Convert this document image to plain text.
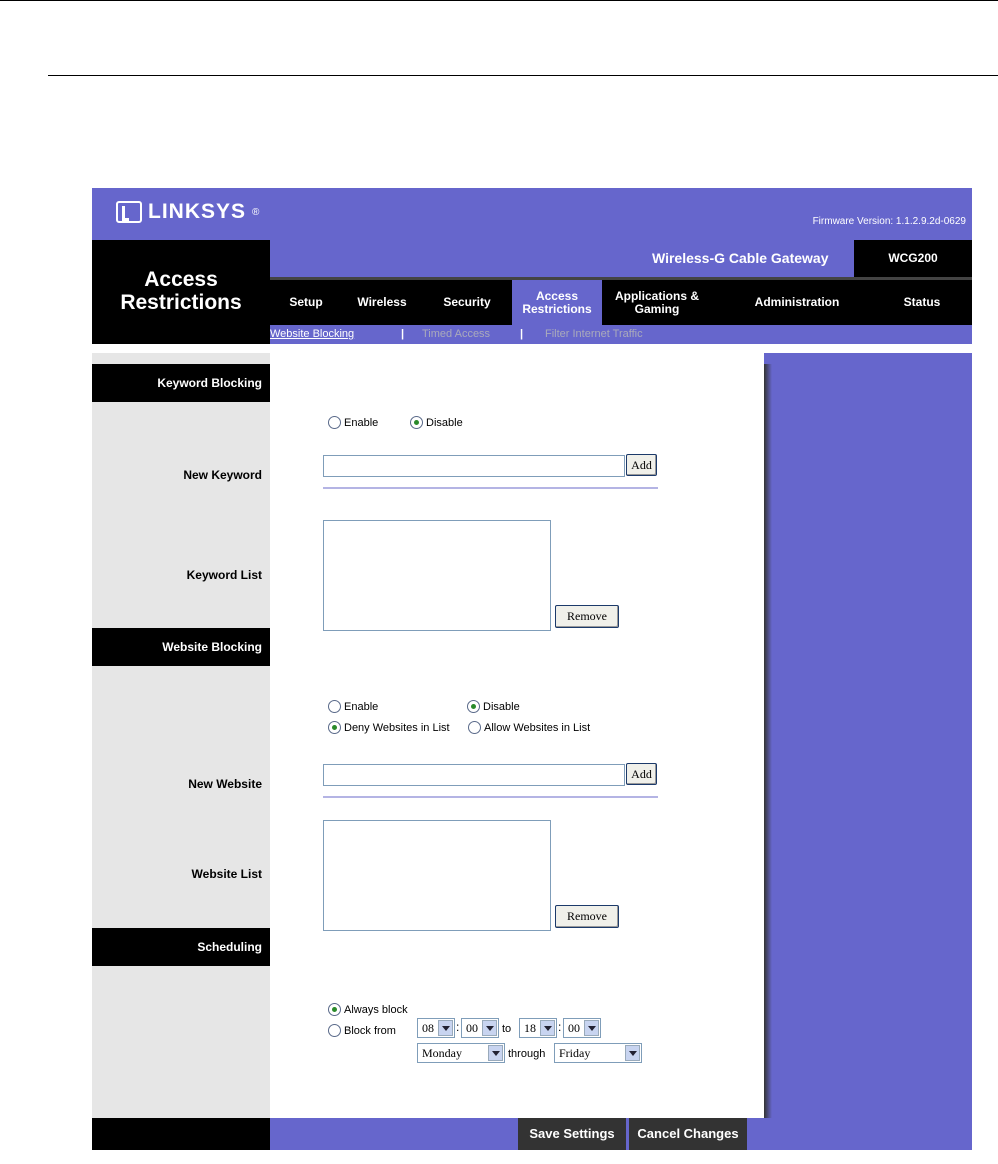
LINKSYS ®
Firmware Version: 1.1.2.9.2d-0629
Access
Restrictions
Wireless-G Cable Gateway	WCG200
Setup	Wireless	Security	Access Restrictions
Applications & Gaming	Administration	Status
Website Blocking	| Timed Access	| Filter Internet Traffic
Keyword Blocking
New Keyword
Keyword List
Website Blocking
New Website
Website List
Scheduling
Enable	Disable
Add
Remove
Enable	Disable
Deny Websites in List	Allow Websites in List
Add
Remove
Always block
Block from 08 : 00 to 18 : 00
Monday	through Friday
Save Settings	Cancel Changes
